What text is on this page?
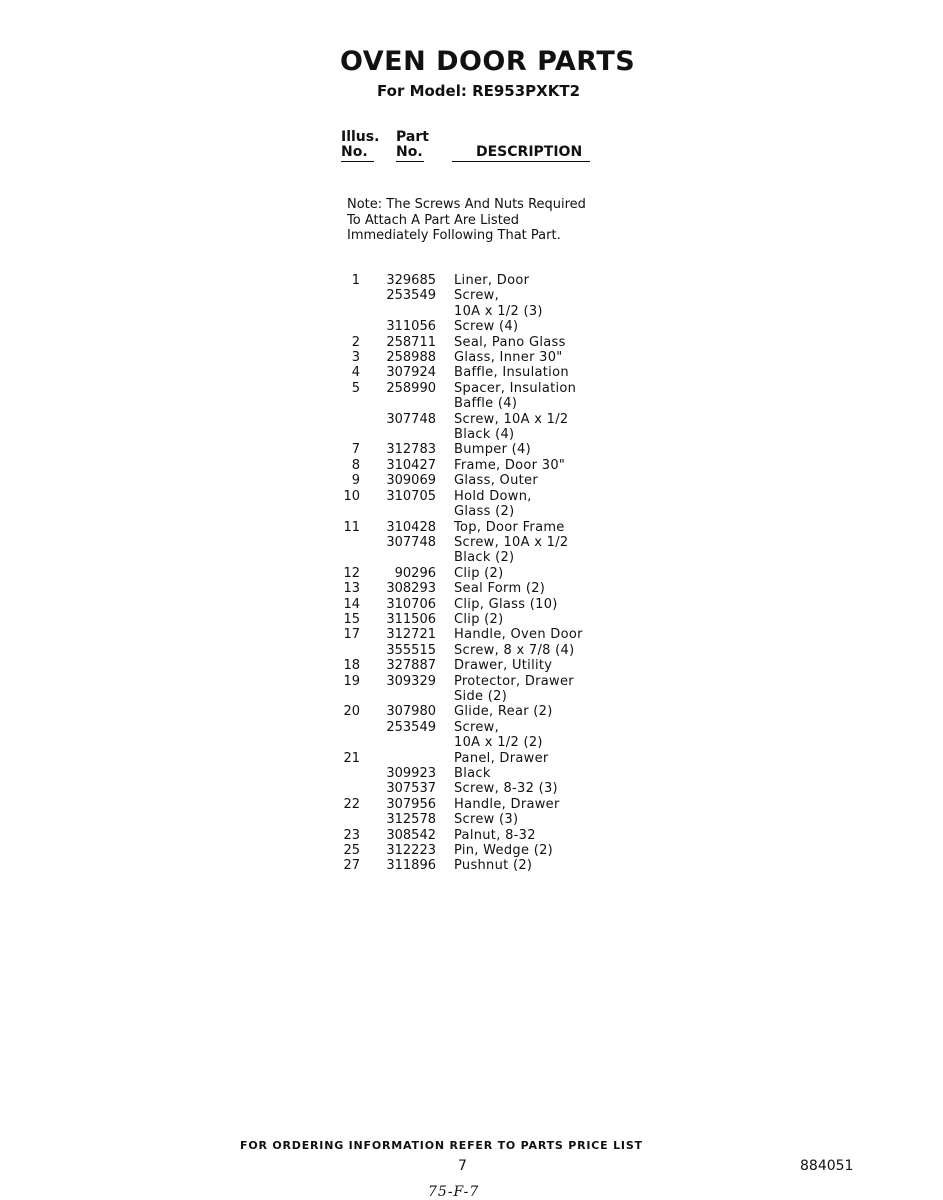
OVEN DOOR PARTS
For Model: RE953PXKT2
Illus.
No.
Part
No.	DESCRIPTION
Note: The Screws And Nuts Required To Attach A Part Are Listed Immediately Following That Part.
1	329685 Liner, Door
253549 Screw,
10A x 1/2 (3)
311056 Screw (4)
2	258711 Seal, Pano Glass
3	258988 Glass, Inner 30"
4	307924 Baffle, Insulation
5	258990 Spacer, Insulation
Baffle (4)
307748 Screw, 10A x 1/2
Black (4)
7	312783 Bumper (4)
8	310427 Frame, Door 30"
9	309069 Glass, Outer
10	310705 Hold Down,
Glass (2)
11	310428 Top, Door Frame
307748 Screw, 10A x 1/2
Black (2)
12	90296 Clip (2)
13	308293 Seal Form (2)
14	310706 Clip, Glass (10)
15	311506 Clip (2)
17	312721 Handle, Oven Door
355515 Screw, 8 x 7/8 (4)
18	327887 Drawer, Utility
19	309329 Protector, Drawer
Side (2)
20	307980 Glide, Rear (2)
253549 Screw,
10A x 1/2 (2)
21	Panel, Drawer
309923 Black
307537 Screw, 8-32 (3)
22	307956 Handle, Drawer
312578 Screw (3)
23	308542 Palnut, 8-32
25	312223 Pin, Wedge (2)
27	311896 Pushnut (2)
FOR ORDERING INFORMATION REFER TO PARTS PRICE LIST
7	884051
75-F-7
